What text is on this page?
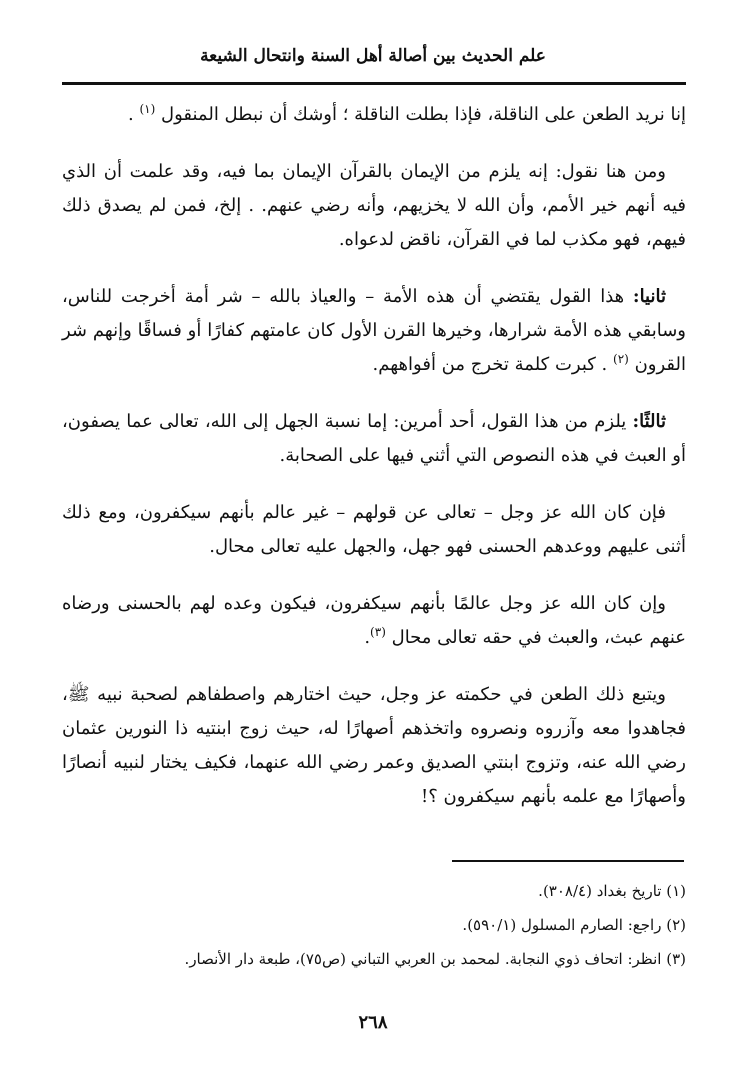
علم الحديث بين أصالة أهل السنة وانتحال الشيعة

إنا نريد الطعن على الناقلة، فإذا بطلت الناقلة ؛ أوشك أن نبطل المنقول $^{(١)}$ .

ومن هنا نقول: إنه يلزم من الإيمان بالقرآن الإيمان بما فيه، وقد علمت أن الذي فيه أنهم خير الأمم، وأن الله لا يخزيهم، وأنه رضي عنهم. . إلخ، فمن لم يصدق ذلك فيهم، فهو مكذب لما في القرآن، ناقض لدعواه.

ثانيا: هذا القول يقتضي أن هذه الأمة – والعياذ بالله – شر أمة أخرجت للناس، وسابقي هذه الأمة شرارها، وخيرها القرن الأول كان عامتهم كفارًا أو فساقًا وإنهم شر القرون $^{(٢)}$ . كبرت كلمة تخرج من أفواههم.

ثالثًا: يلزم من هذا القول، أحد أمرين: إما نسبة الجهل إلى الله، تعالى عما يصفون، أو العبث في هذه النصوص التي أثني فيها على الصحابة.

فإن كان الله عز وجل – تعالى عن قولهم – غير عالم بأنهم سيكفرون، ومع ذلك أثنى عليهم ووعدهم الحسنى فهو جهل، والجهل عليه تعالى محال.

وإن كان الله عز وجل عالمًا بأنهم سيكفرون، فيكون وعده لهم بالحسنى ورضاه عنهم عبث، والعبث في حقه تعالى محال $^{(٣)}$.

ويتبع ذلك الطعن في حكمته عز وجل، حيث اختارهم واصطفاهم لصحبة نبيه ﷺ، فجاهدوا معه وآزروه ونصروه واتخذهم أصهارًا له، حيث زوج ابنتيه ذا النورين عثمان رضي الله عنه، وتزوج ابنتي الصديق وعمر رضي الله عنهما، فكيف يختار لنبيه أنصارًا وأصهارًا مع علمه بأنهم سيكفرون ؟!

(١) تاريخ بغداد (٣٠٨/٤).
(٢) راجع: الصارم المسلول (٥٩٠/١).
(٣) انظر: اتحاف ذوي النجابة. لمحمد بن العربي التباني (ص٧٥)، طبعة دار الأنصار.
٢٦٨
